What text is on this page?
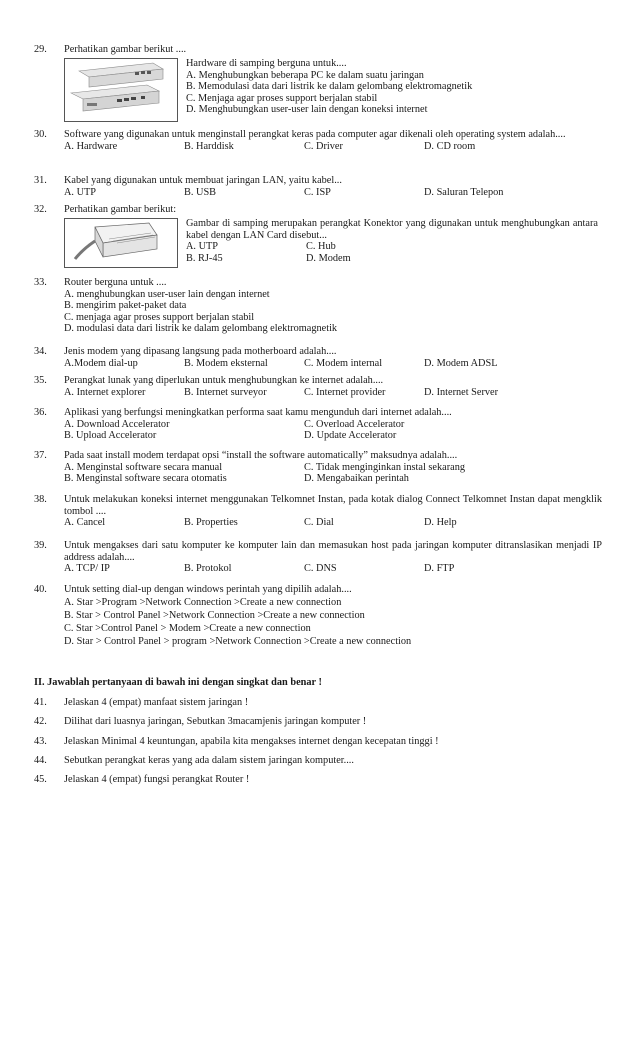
29.	Perhatikan gambar berikut ....
Hardware di samping berguna untuk....
A. Menghubungkan beberapa PC ke dalam suatu jaringan
B. Memodulasi data dari listrik ke dalam gelombang elektromagnetik
C. Menjaga agar proses support berjalan stabil
D. Menghubungkan user-user lain dengan koneksi internet
30.	Software yang digunakan untuk menginstall perangkat keras pada computer agar dikenali oleh operating system adalah....
A. Hardware	B. Harddisk	C. Driver	D. CD room
31.	Kabel yang digunakan untuk membuat jaringan LAN, yaitu kabel...
A. UTP	B. USB	C. ISP	D. Saluran Telepon
32.	Perhatikan gambar berikut:
Gambar di samping merupakan perangkat Konektor yang digunakan untuk menghubungkan antara kabel dengan LAN Card disebut...
A. UTP	C. Hub
B. RJ-45	D. Modem
33.	Router berguna untuk ....
A. menghubungkan user-user lain dengan internet
B. mengirim paket-paket data
C. menjaga agar proses support berjalan stabil
D. modulasi data dari listrik ke dalam gelombang elektromagnetik
34.	Jenis modem yang dipasang langsung pada motherboard adalah....
A.Modem dial-up	B. Modem eksternal	C. Modem internal	D. Modem ADSL
35.	Perangkat lunak yang diperlukan untuk menghubungkan ke internet adalah....
A. Internet explorer	B. Internet surveyor	C. Internet provider	D. Internet Server
36.	Aplikasi yang berfungsi meningkatkan performa saat kamu mengunduh dari internet adalah....
A. Download Accelerator	C. Overload Accelerator
B. Upload Accelerator	D. Update Accelerator
37.	Pada saat install modem terdapat opsi “install the software automatically” maksudnya adalah....
A. Menginstal software secara manual	C. Tidak menginginkan instal sekarang
B. Menginstal software secara otomatis	D. Mengabaikan perintah
38.	Untuk melakukan koneksi internet menggunakan Telkomnet Instan, pada kotak dialog Connect Telkomnet Instan dapat mengklik tombol ....
A. Cancel	B. Properties	C. Dial	D. Help
39.	Untuk mengakses dari satu komputer ke komputer lain dan memasukan host pada jaringan komputer ditranslasikan menjadi IP address adalah....
A. TCP/ IP	B. Protokol	C. DNS	D. FTP
40.	Untuk setting dial-up dengan windows perintah yang dipilih adalah....
A. Star >Program >Network Connection >Create a new connection
B. Star > Control Panel >Network Connection >Create a new connection
C. Star >Control Panel > Modem >Create a new connection
D. Star > Control Panel > program >Network Connection >Create a new connection
II. Jawablah pertanyaan di bawah ini dengan singkat dan benar !
41.	Jelaskan 4 (empat) manfaat sistem jaringan !
42.	Dilihat dari luasnya jaringan, Sebutkan 3macamjenis jaringan komputer !
43.	Jelaskan Minimal 4 keuntungan, apabila kita mengakses internet dengan kecepatan tinggi !
44.	Sebutkan perangkat keras yang ada dalam sistem jaringan komputer....
45.	Jelaskan 4 (empat) fungsi perangkat Router !
